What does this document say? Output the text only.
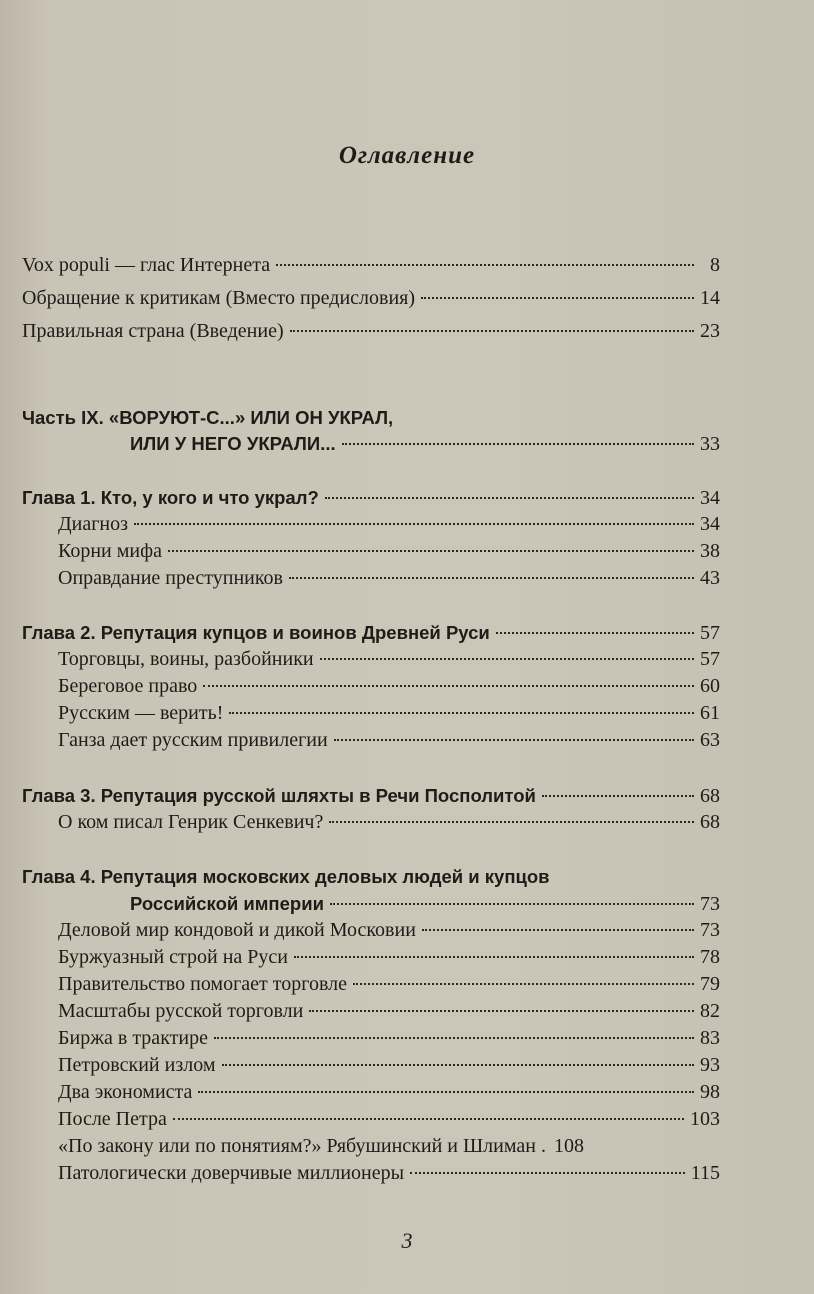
Оглавление
Vox populi — глас Интернета	8
Обращение к критикам (Вместо предисловия)	14
Правильная страна (Введение)	23
Часть IX. «ВОРУЮТ-С...» ИЛИ ОН УКРАЛ,
ИЛИ У НЕГО УКРАЛИ...	33
Глава 1. Кто, у кого и что украл?	34
Диагноз	34
Корни мифа	38
Оправдание преступников	43
Глава 2. Репутация купцов и воинов Древней Руси	57
Торговцы, воины, разбойники	57
Береговое право	60
Русским — верить!	61
Ганза дает русским привилегии	63
Глава 3. Репутация русской шляхты в Речи Посполитой	68
О ком писал Генрик Сенкевич?	68
Глава 4. Репутация московских деловых людей и купцов
Российской империи	73
Деловой мир кондовой и дикой Московии	73
Буржуазный строй на Руси	78
Правительство помогает торговле	79
Масштабы русской торговли	82
Биржа в трактире	83
Петровский излом	93
Два экономиста	98
После Петра	103
«По закону или по понятиям?» Рябушинский и Шлиман . 108
Патологически доверчивые миллионеры	115
3
